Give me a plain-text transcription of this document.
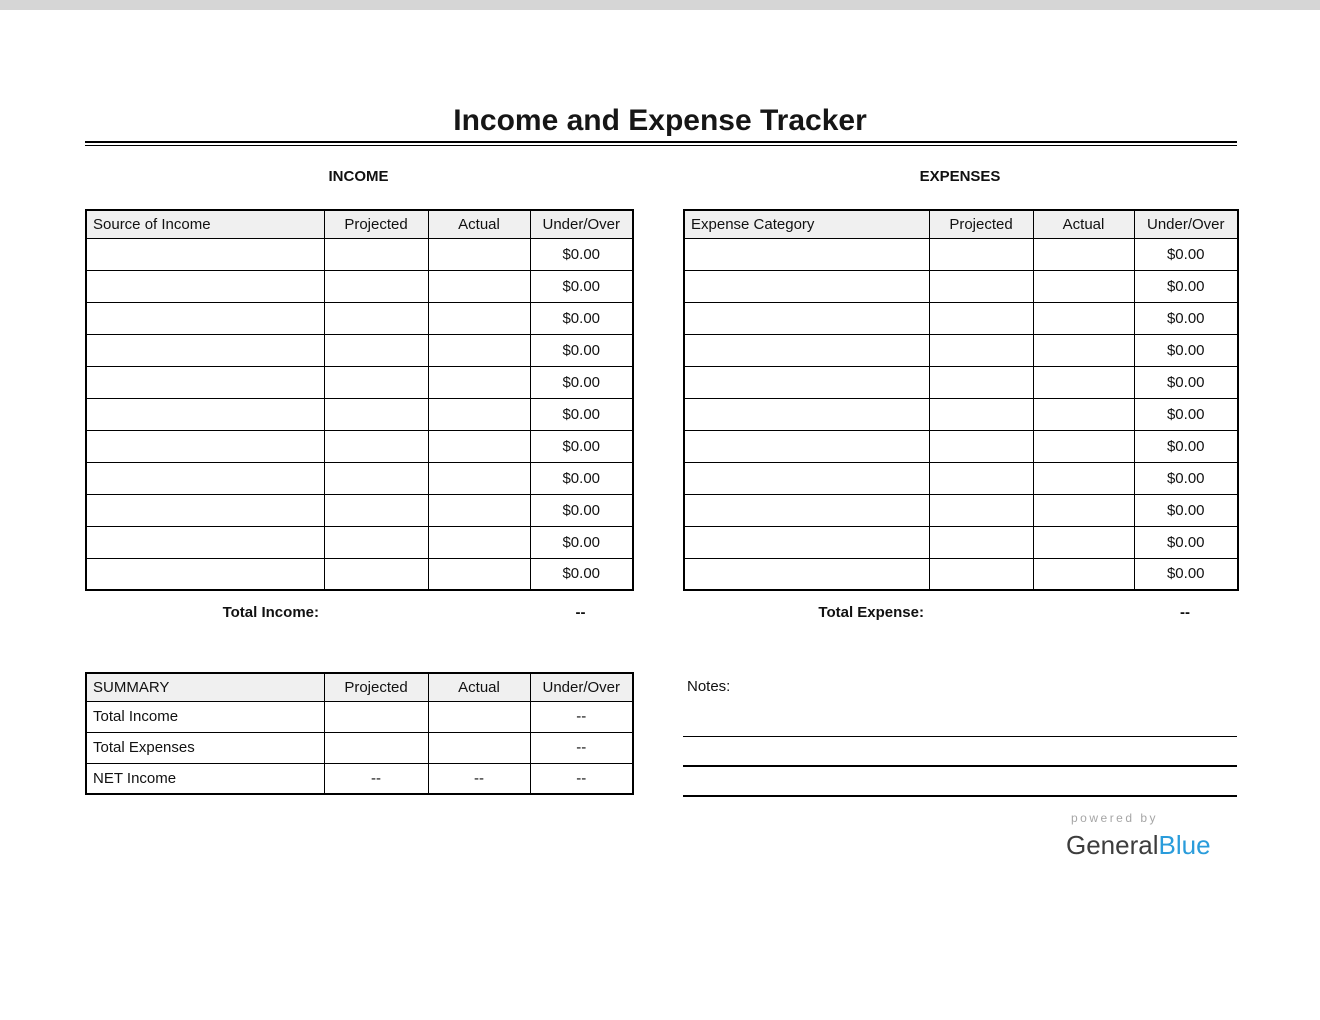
Income and Expense Tracker
INCOME	EXPENSES
Source of Income	Projected	Actual	Under/Over
			$0.00
			$0.00
			$0.00
			$0.00
			$0.00
			$0.00
			$0.00
			$0.00
			$0.00
			$0.00
			$0.00
Expense Category	Projected	Actual	Under/Over
			$0.00
			$0.00
			$0.00
			$0.00
			$0.00
			$0.00
			$0.00
			$0.00
			$0.00
			$0.00
			$0.00
Total Income:	--	Total Expense:	--
SUMMARY	Projected	Actual	Under/Over
Total Income			--
Total Expenses			--
NET Income	--	--	--
Notes:
powered by
GeneralBlue
